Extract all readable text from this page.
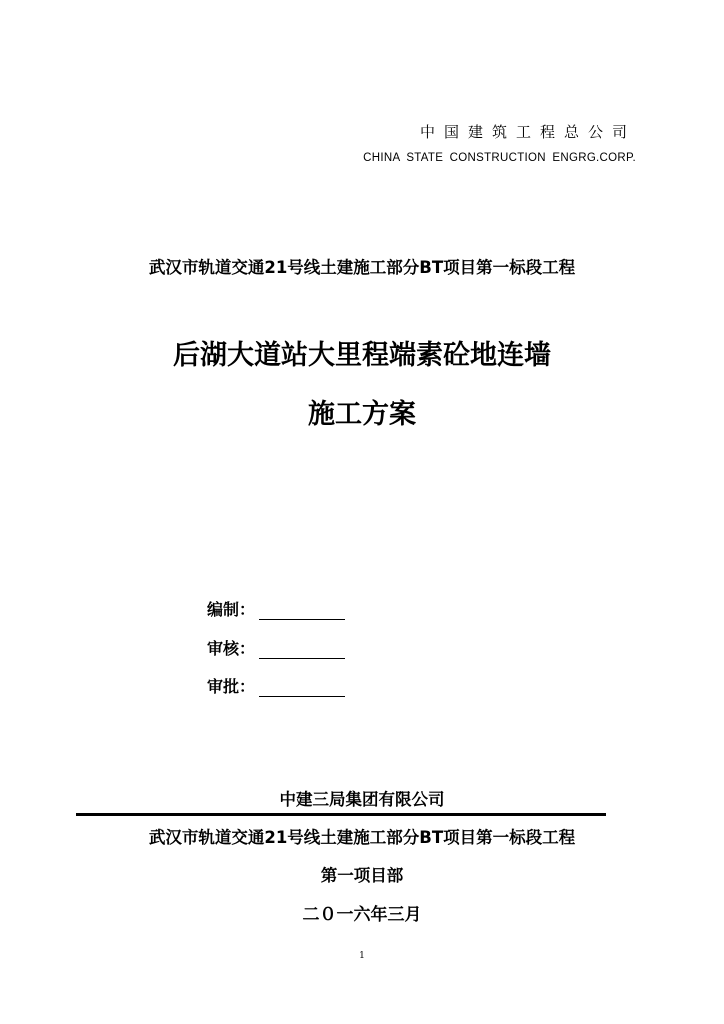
中国建筑工程总公司
CHINA STATE CONSTRUCTION ENGRG.CORP.
武汉市轨道交通21号线土建施工部分BT项目第一标段工程
后湖大道站大里程端素砼地连墙
施工方案
编制：
审核：
审批：
中建三局集团有限公司
武汉市轨道交通21号线土建施工部分BT项目第一标段工程
第一项目部
二０一六年三月
1
